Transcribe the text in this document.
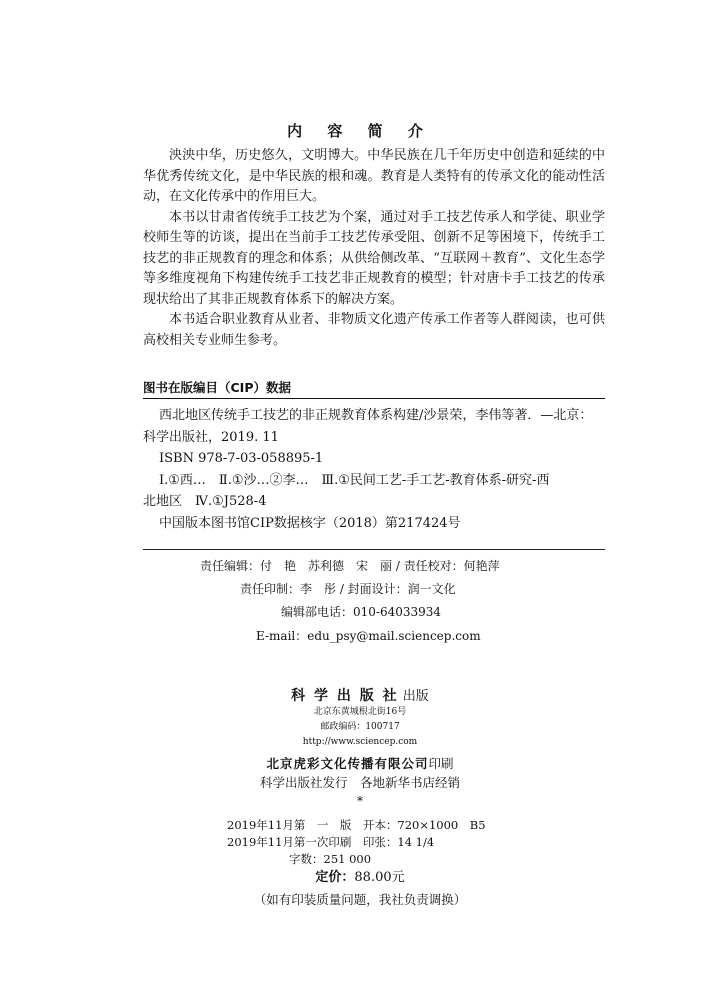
内 容 简 介

泱泱中华，历史悠久，文明博大。中华民族在几千年历史中创造和延续的中华优秀传统文化，是中华民族的根和魂。教育是人类特有的传承文化的能动性活动，在文化传承中的作用巨大。

本书以甘肃省传统手工技艺为个案，通过对手工技艺传承人和学徒、职业学校师生等的访谈，提出在当前手工技艺传承受阻、创新不足等困境下，传统手工技艺的非正规教育的理念和体系；从供给侧改革、“互联网＋教育”、文化生态学等多维度视角下构建传统手工技艺非正规教育的模型；针对唐卡手工技艺的传承现状给出了其非正规教育体系下的解决方案。

本书适合职业教育从业者、非物质文化遗产传承工作者等人群阅读，也可供高校相关专业师生参考。

图书在版编目（CIP）数据
西北地区传统手工技艺的非正规教育体系构建/沙景荣，李伟等著．—北京：
科学出版社，2019. 11
ISBN 978-7-03-058895-1
Ⅰ.①西…　Ⅱ.①沙…②李…　Ⅲ.①民间工艺-手工艺-教育体系-研究-西
北地区　Ⅳ.①J528-4
中国版本图书馆CIP数据核字（2018）第217424号
责任编辑：付　艳　苏利德　宋　丽 / 责任校对：何艳萍
责任印制：李　彤 / 封面设计：润一文化
编辑部电话：010-64033934
E-mail：edu_psy@mail.sciencep.com
科 学 出 版 社 出版
北京东黄城根北街16号
邮政编码：100717
http://www.sciencep.com
北京虎彩文化传播有限公司印刷
科学出版社发行　各地新华书店经销
*
2019年11月第　一　版　开本：720×1000　B5
2019年11月第一次印刷　印张：14 1/4
字数：251 000
定价：88.00元
（如有印装质量问题，我社负责调换）
